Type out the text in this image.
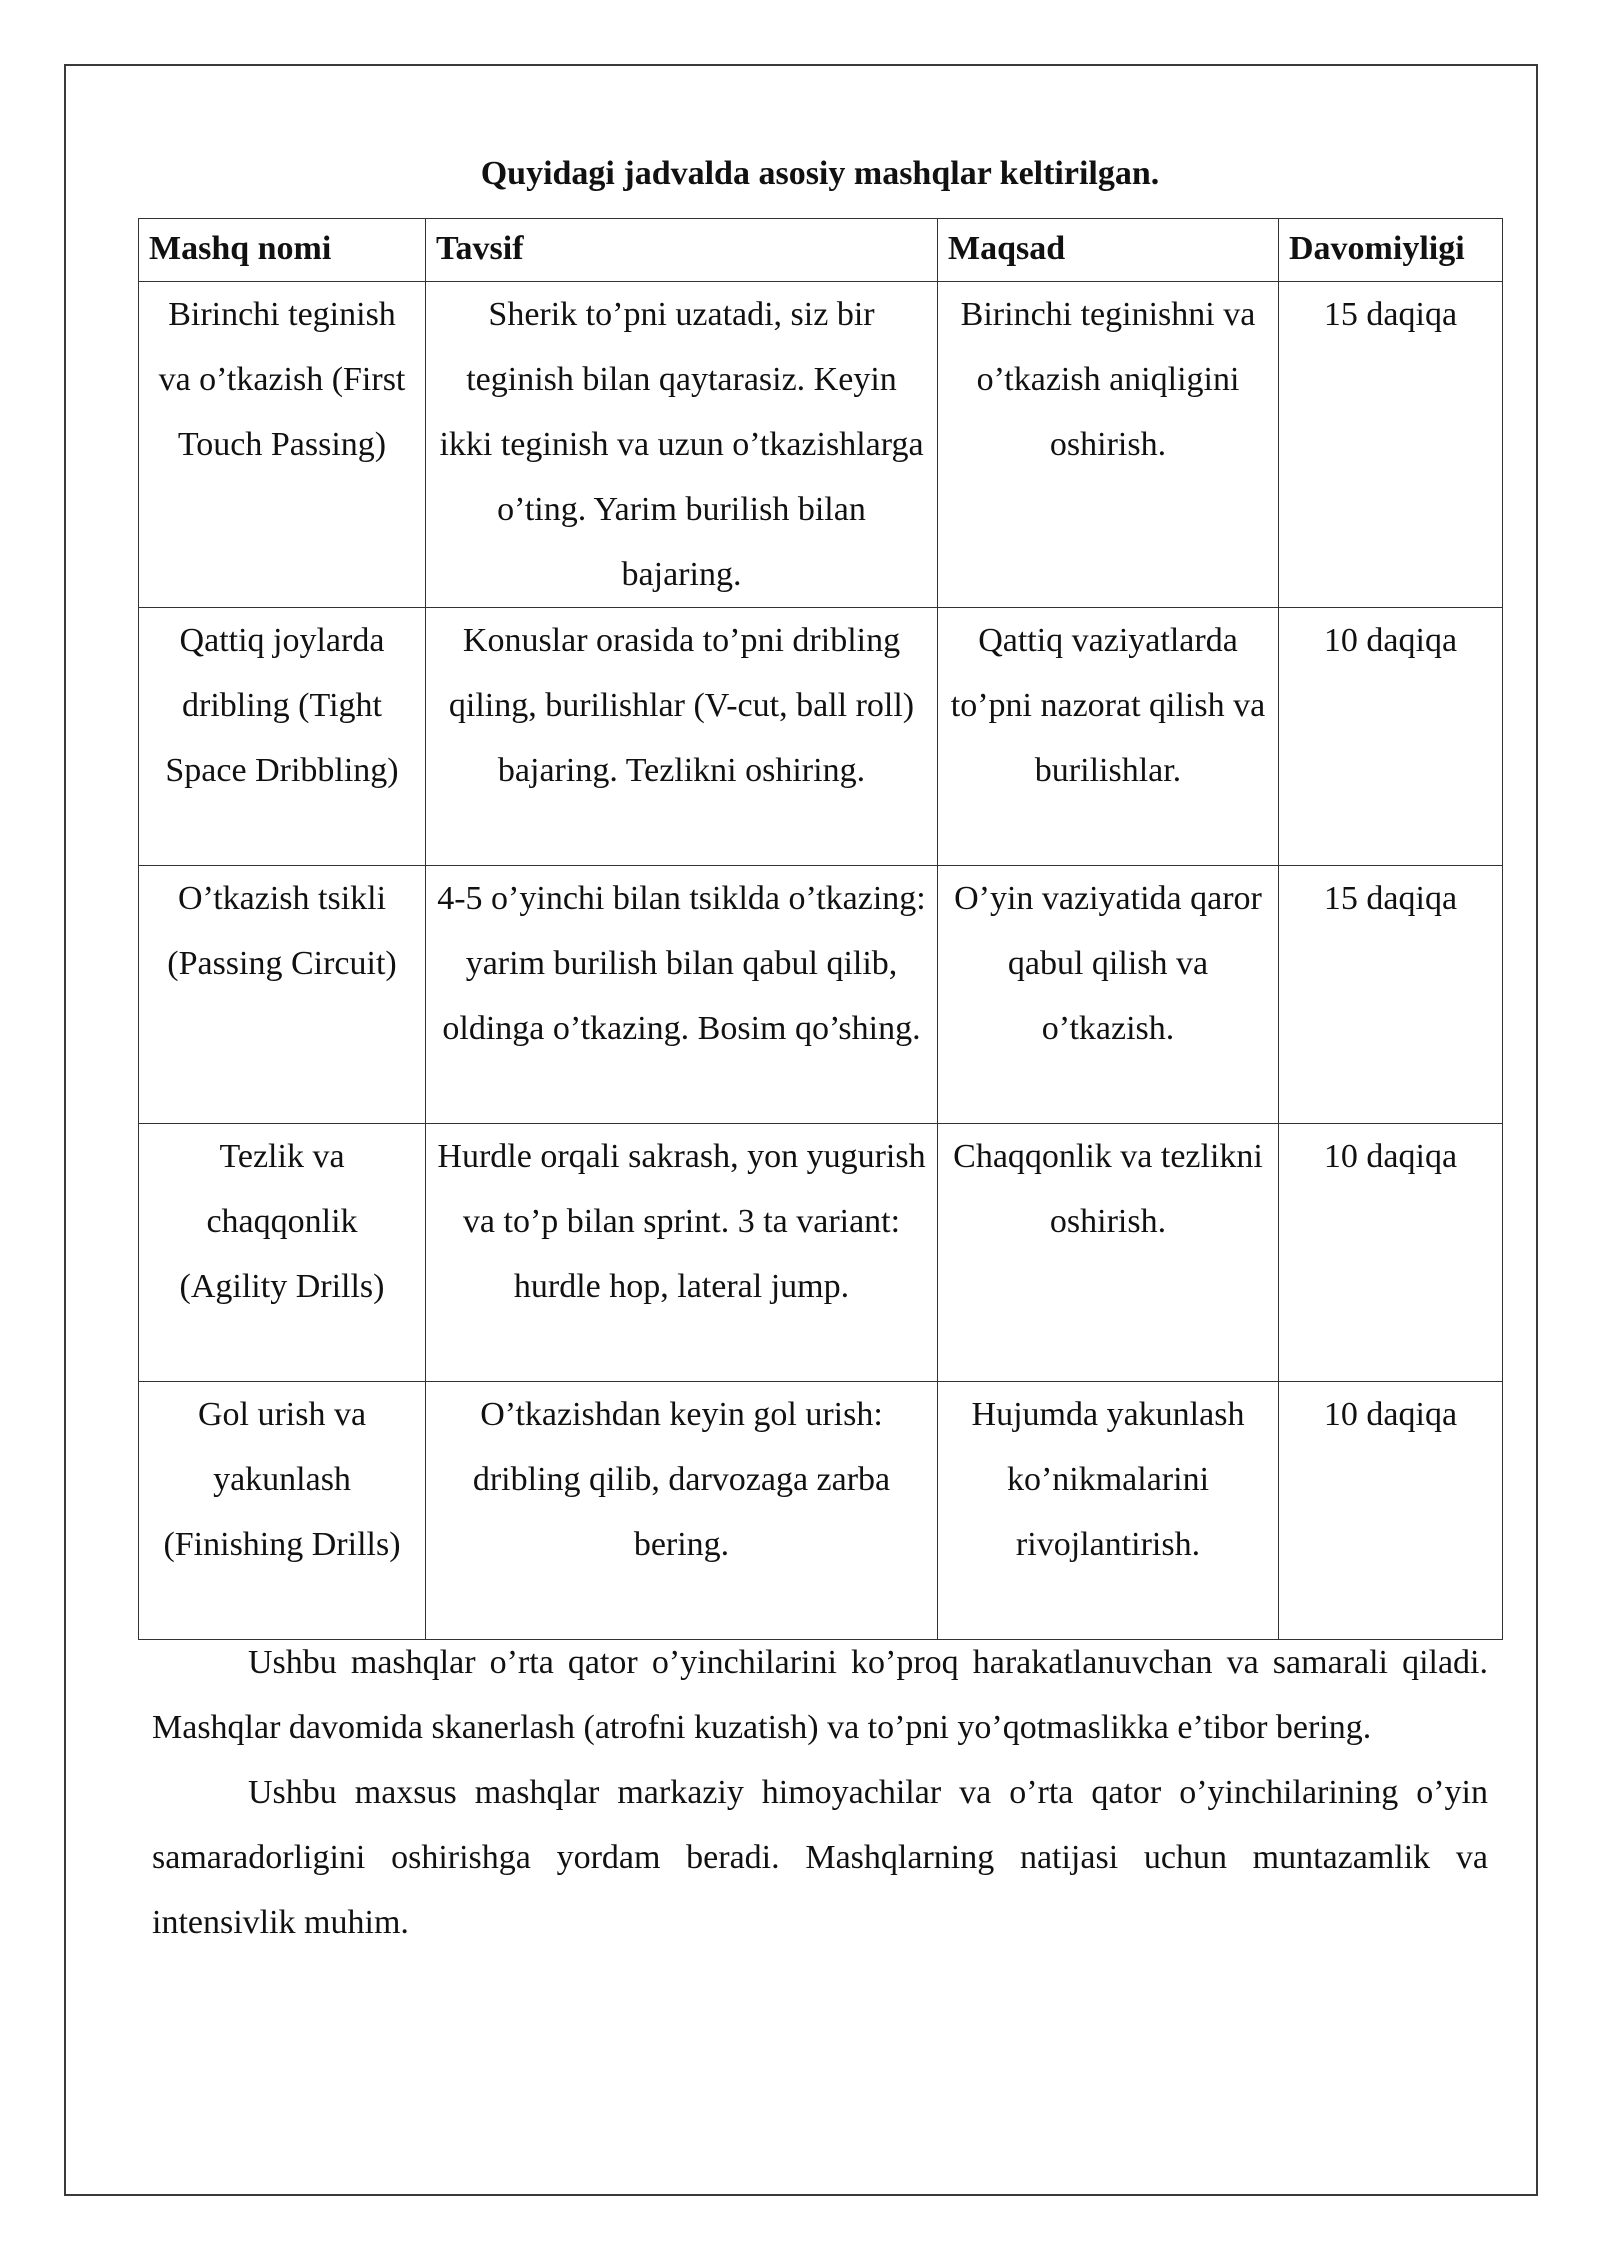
Quyidagi jadvalda asosiy mashqlar keltirilgan.
Mashq nomi	Tavsif	Maqsad	Davomiyligi
Birinchi teginish va o’tkazish (First Touch Passing)	Sherik to’pni uzatadi, siz bir teginish bilan qaytarasiz. Keyin ikki teginish va uzun o’tkazishlarga o’ting. Yarim burilish bilan bajaring.	Birinchi teginishni va o’tkazish aniqligini oshirish.	15 daqiqa
Qattiq joylarda dribling (Tight Space Dribbling)	Konuslar orasida to’pni dribling qiling, burilishlar (V-cut, ball roll) bajaring. Tezlikni oshiring.	Qattiq vaziyatlarda to’pni nazorat qilish va burilishlar.	10 daqiqa
O’tkazish tsikli (Passing Circuit)	4-5 o’yinchi bilan tsiklda o’tkazing: yarim burilish bilan qabul qilib, oldinga o’tkazing. Bosim qo’shing.	O’yin vaziyatida qaror qabul qilish va o’tkazish.	15 daqiqa
Tezlik va chaqqonlik (Agility Drills)	Hurdle orqali sakrash, yon yugurish va to’p bilan sprint. 3 ta variant: hurdle hop, lateral jump.	Chaqqonlik va tezlikni oshirish.	10 daqiqa
Gol urish va yakunlash (Finishing Drills)	O’tkazishdan keyin gol urish: dribling qilib, darvozaga zarba bering.	Hujumda yakunlash ko’nikmalarini rivojlantirish.	10 daqiqa

Ushbu mashqlar o’rta qator o’yinchilarini ko’proq harakatlanuvchan va samarali qiladi. Mashqlar davomida skanerlash (atrofni kuzatish) va to’pni yo’qotmaslikka e’tibor bering.

Ushbu maxsus mashqlar markaziy himoyachilar va o’rta qator o’yinchilarining o’yin samaradorligini oshirishga yordam beradi. Mashqlarning natijasi uchun muntazamlik va intensivlik muhim.
